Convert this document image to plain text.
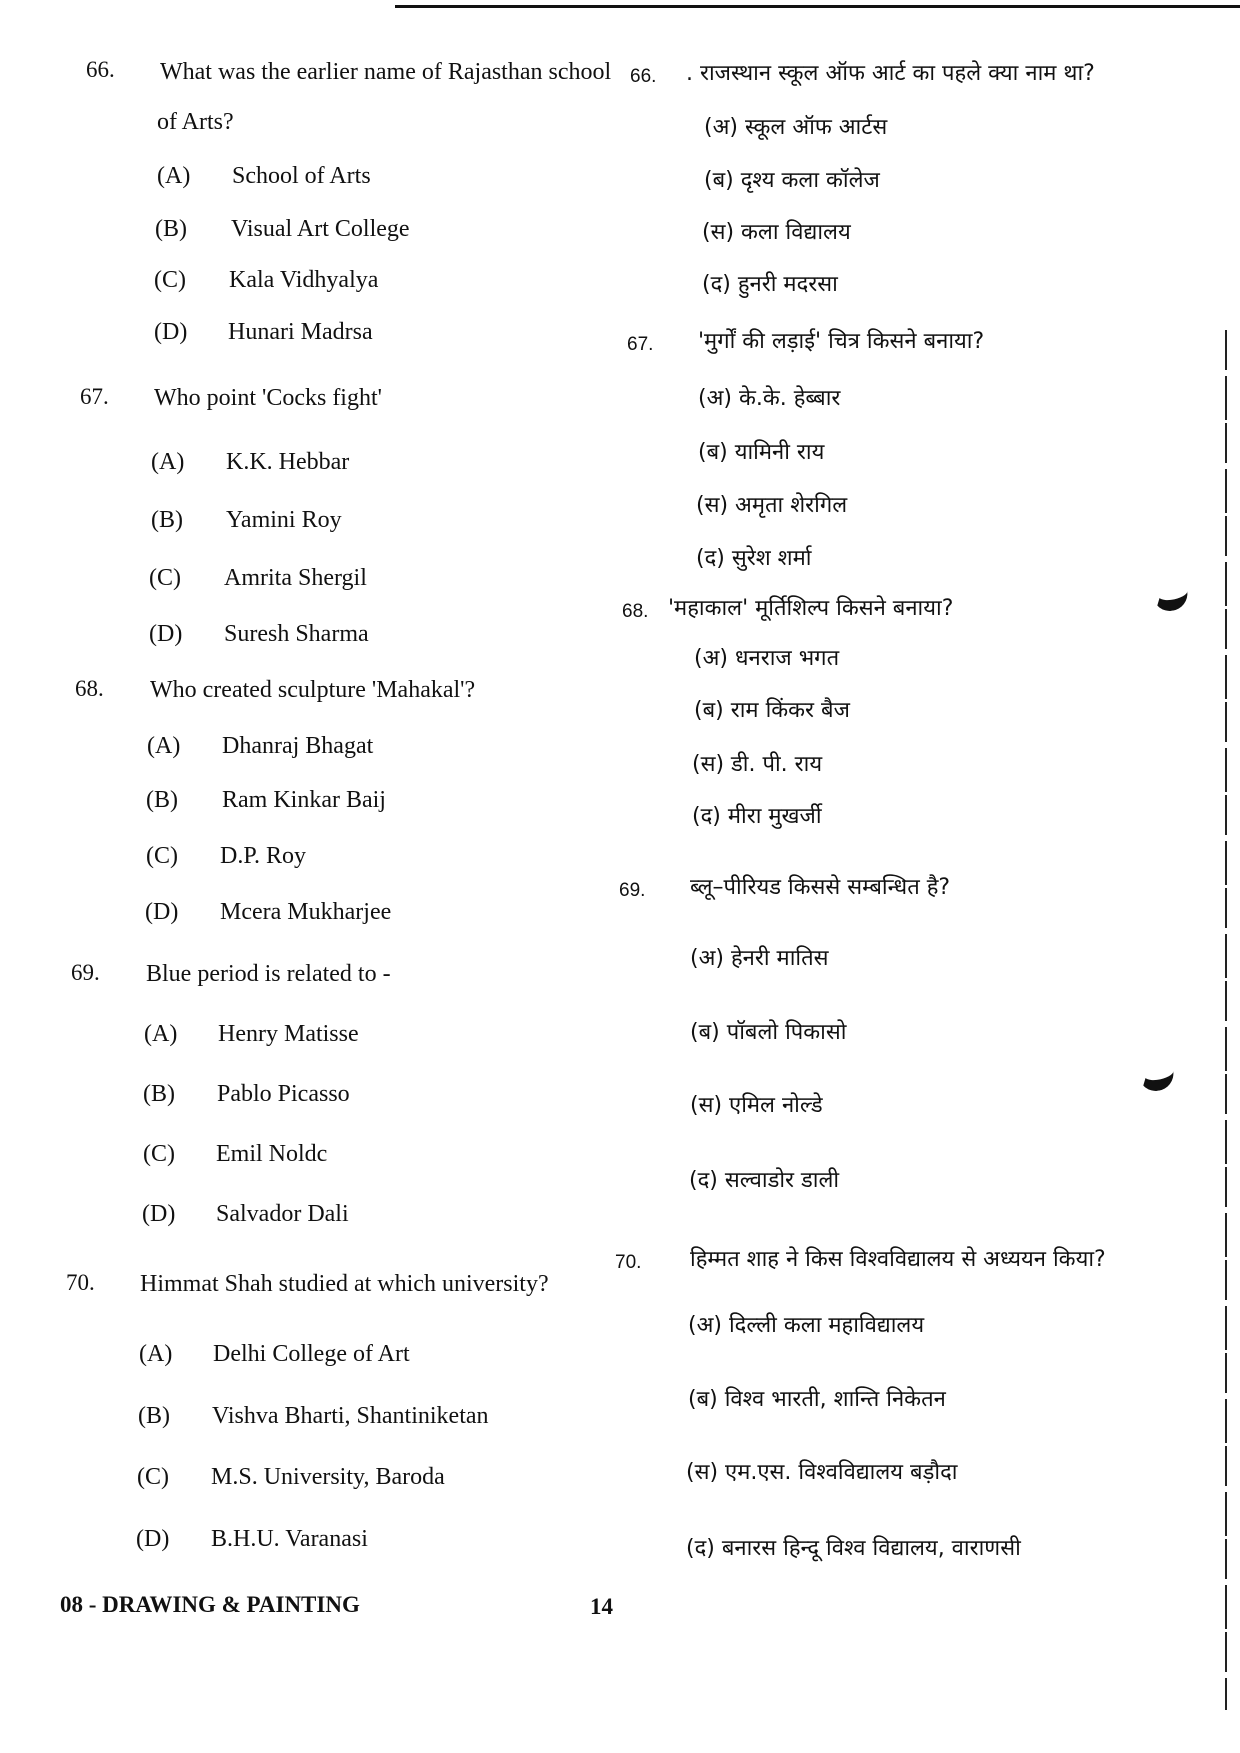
66. What was the earlier name of Rajasthan school
of Arts?
(A) School of Arts
(B) Visual Art College
(C) Kala Vidhyalya
(D) Hunari Madrsa
67. Who point 'Cocks fight'
(A) K.K. Hebbar
(B) Yamini Roy
(C) Amrita Shergil
(D) Suresh Sharma
68. Who created sculpture 'Mahakal'?
(A) Dhanraj Bhagat
(B) Ram Kinkar Baij
(C) D.P. Roy
(D) Mcera Mukharjee
69. Blue period is related to -
(A) Henry Matisse
(B) Pablo Picasso
(C) Emil Noldc
(D) Salvador Dali
70. Himmat Shah studied at which university?
(A) Delhi College of Art
(B) Vishva Bharti, Shantiniketan
(C) M.S. University, Baroda
(D) B.H.U. Varanasi
66. . राजस्थान स्कूल ऑफ आर्ट का पहले क्या नाम था?
(अ) स्कूल ऑफ आर्टस
(ब) दृश्य कला कॉलेज
(स) कला विद्यालय
(द) हुनरी मदरसा
67. 'मुर्गों की लड़ाई' चित्र किसने बनाया?
(अ) के.के. हेब्बार
(ब) यामिनी राय
(स) अमृता शेरगिल
(द) सुरेश शर्मा
68. 'महाकाल' मूर्तिशिल्प किसने बनाया?
(अ) धनराज भगत
(ब) राम किंकर बैज
(स) डी. पी. राय
(द) मीरा मुखर्जी
69. ब्लू–पीरियड किससे सम्बन्धित है?
(अ) हेनरी मातिस
(ब) पॉबलो पिकासो
(स) एमिल नोल्डे
(द) सल्वाडोर डाली
70. हिम्मत शाह ने किस विश्वविद्यालय से अध्ययन किया?
(अ) दिल्ली कला महाविद्यालय
(ब) विश्व भारती, शान्ति निकेतन
(स) एम.एस. विश्वविद्यालय बड़ौदा
(द) बनारस हिन्दू विश्व विद्यालय, वाराणसी
08 - DRAWING & PAINTING	14
